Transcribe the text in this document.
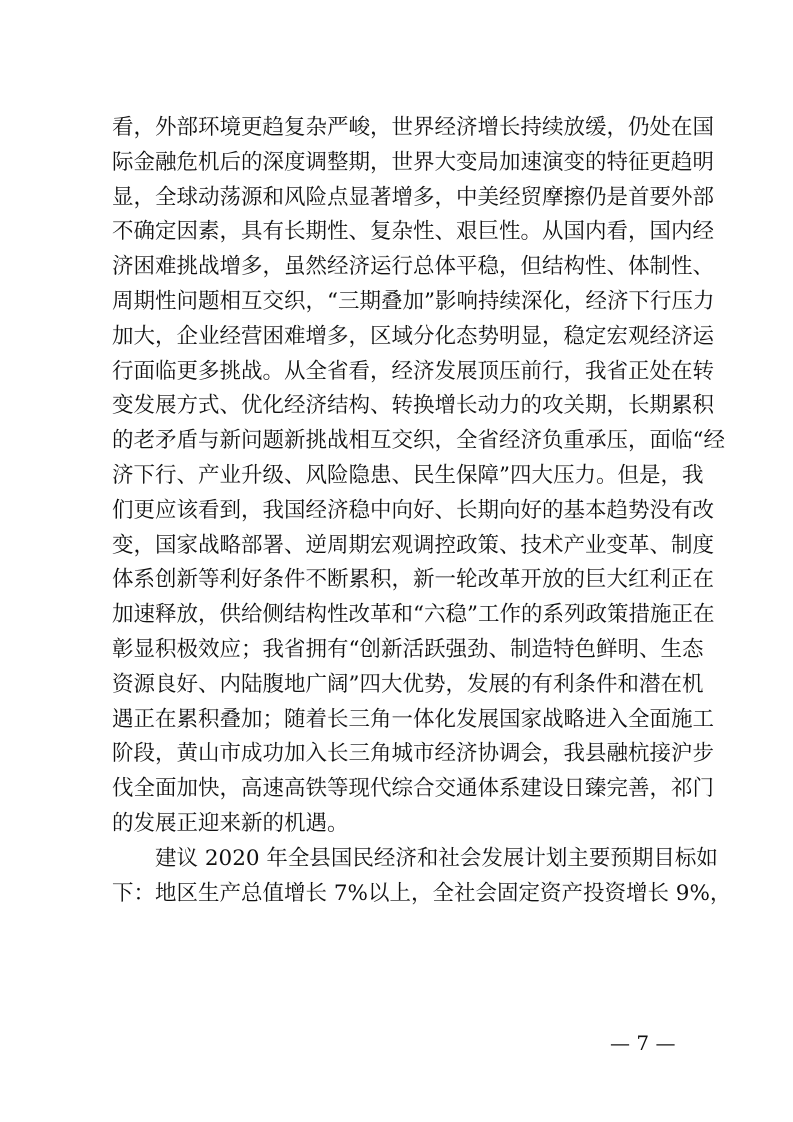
看，外部环境更趋复杂严峻，世界经济增长持续放缓，仍处在国
际金融危机后的深度调整期，世界大变局加速演变的特征更趋明
显，全球动荡源和风险点显著增多，中美经贸摩擦仍是首要外部
不确定因素，具有长期性、复杂性、艰巨性。从国内看，国内经
济困难挑战增多，虽然经济运行总体平稳，但结构性、体制性、
周期性问题相互交织，“三期叠加”影响持续深化，经济下行压力
加大，企业经营困难增多，区域分化态势明显，稳定宏观经济运
行面临更多挑战。从全省看，经济发展顶压前行，我省正处在转
变发展方式、优化经济结构、转换增长动力的攻关期，长期累积
的老矛盾与新问题新挑战相互交织，全省经济负重承压，面临“经
济下行、产业升级、风险隐患、民生保障”四大压力。但是，我
们更应该看到，我国经济稳中向好、长期向好的基本趋势没有改
变，国家战略部署、逆周期宏观调控政策、技术产业变革、制度
体系创新等利好条件不断累积，新一轮改革开放的巨大红利正在
加速释放，供给侧结构性改革和“六稳”工作的系列政策措施正在
彰显积极效应；我省拥有“创新活跃强劲、制造特色鲜明、生态
资源良好、内陆腹地广阔”四大优势，发展的有利条件和潜在机
遇正在累积叠加；随着长三角一体化发展国家战略进入全面施工
阶段，黄山市成功加入长三角城市经济协调会，我县融杭接沪步
伐全面加快，高速高铁等现代综合交通体系建设日臻完善，祁门
的发展正迎来新的机遇。
建议 2020 年全县国民经济和社会发展计划主要预期目标如
下：地区生产总值增长 7%以上，全社会固定资产投资增长 9%，
— 7 —
